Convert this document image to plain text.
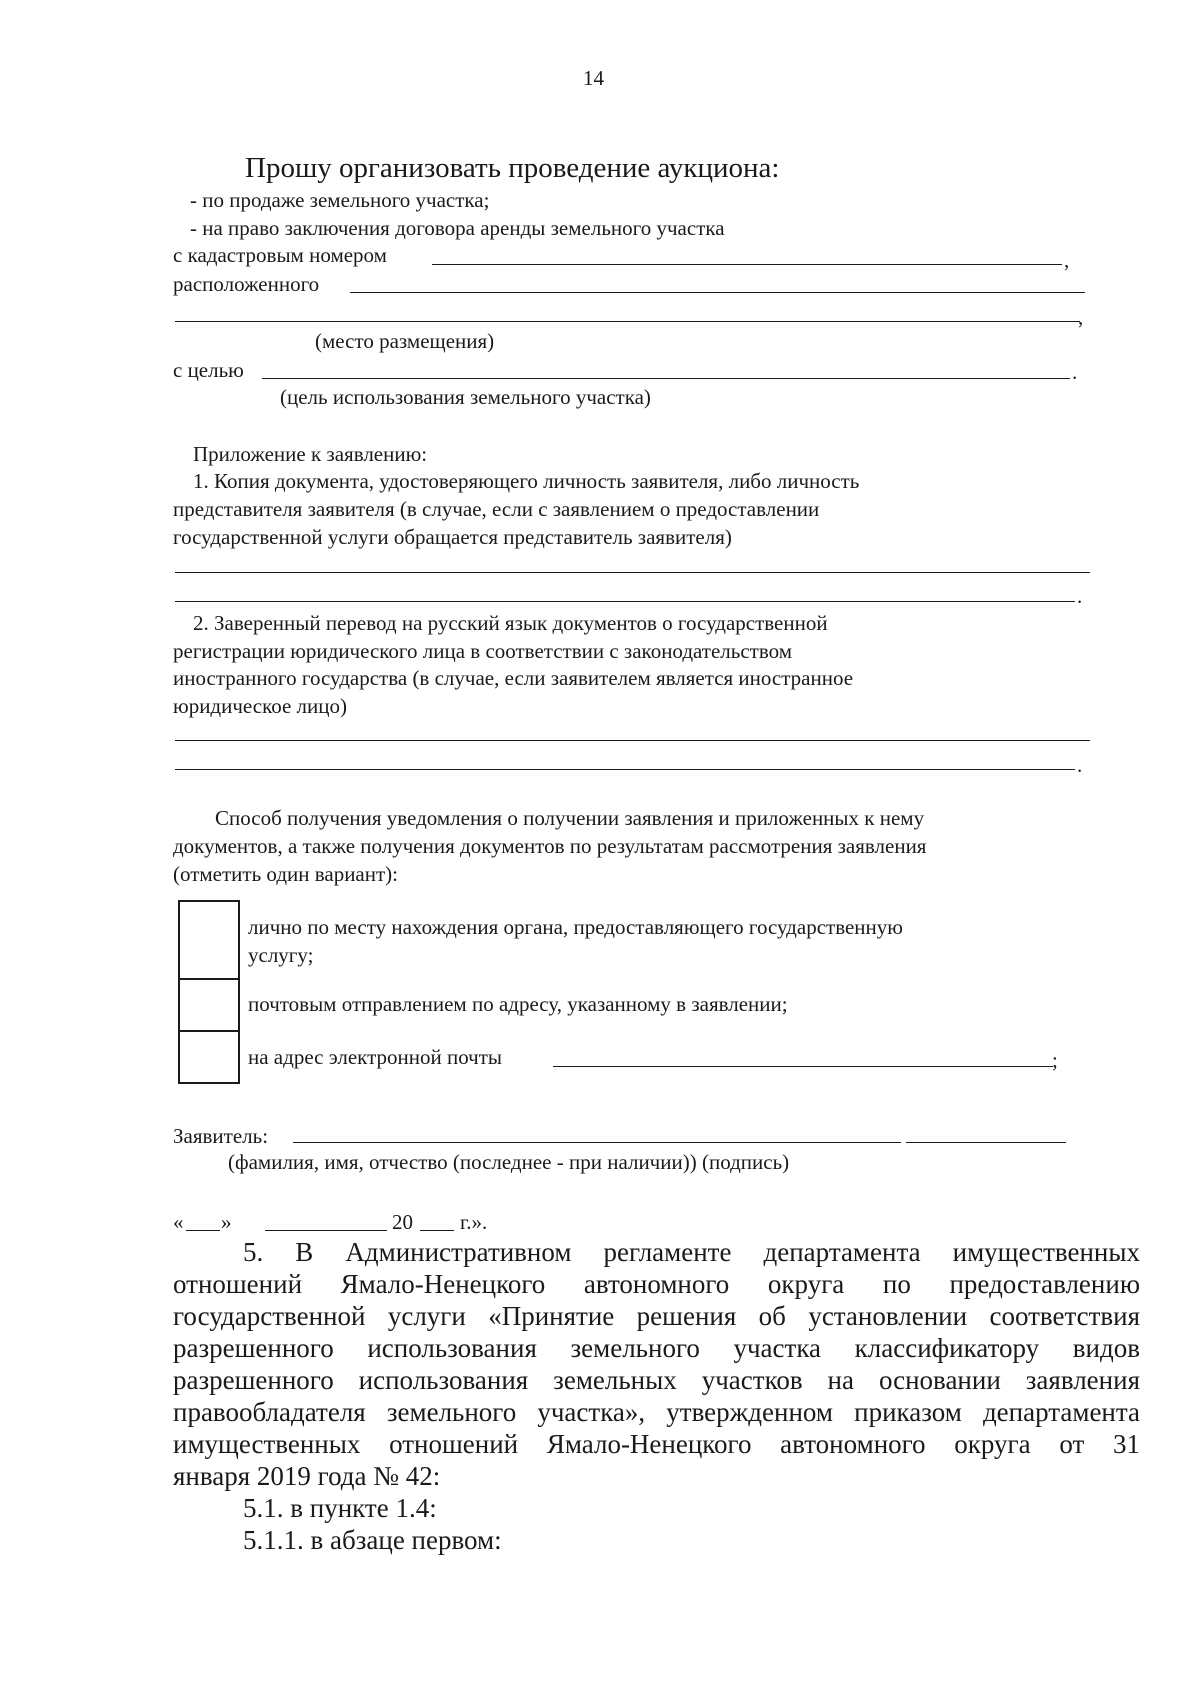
14
Прошу организовать проведение аукциона:
- по продаже земельного участка;
- на право заключения договора аренды земельного участка
с кадастровым номером	,
расположенного
,
(место размещения)
с целью	.
(цель использования земельного участка)
Приложение к заявлению:
1. Копия документа, удостоверяющего личность заявителя, либо личность
представителя заявителя (в случае, если с заявлением о предоставлении
государственной услуги обращается представитель заявителя)
.
2. Заверенный перевод на русский язык документов о государственной
регистрации юридического лица в соответствии с законодательством
иностранного государства (в случае, если заявителем является иностранное
юридическое лицо)
.
Способ получения уведомления о получении заявления и приложенных к нему
документов, а также получения документов по результатам рассмотрения заявления
(отметить один вариант):
лично по месту нахождения органа, предоставляющего государственную
услугу;
почтовым отправлением по адресу, указанному в заявлении;
на адрес электронной почты	;
Заявитель:
(фамилия, имя, отчество (последнее - при наличии)) (подпись)
« »	20 г.».
5. В Административном регламенте департамента имущественных
отношений Ямало-Ненецкого автономного округа по предоставлению
государственной услуги «Принятие решения об установлении соответствия
разрешенного использования земельного участка классификатору видов
разрешенного использования земельных участков на основании заявления
правообладателя земельного участка», утвержденном приказом департамента
имущественных отношений Ямало-Ненецкого автономного округа от 31
января 2019 года № 42:
5.1. в пункте 1.4:
5.1.1. в абзаце первом:
